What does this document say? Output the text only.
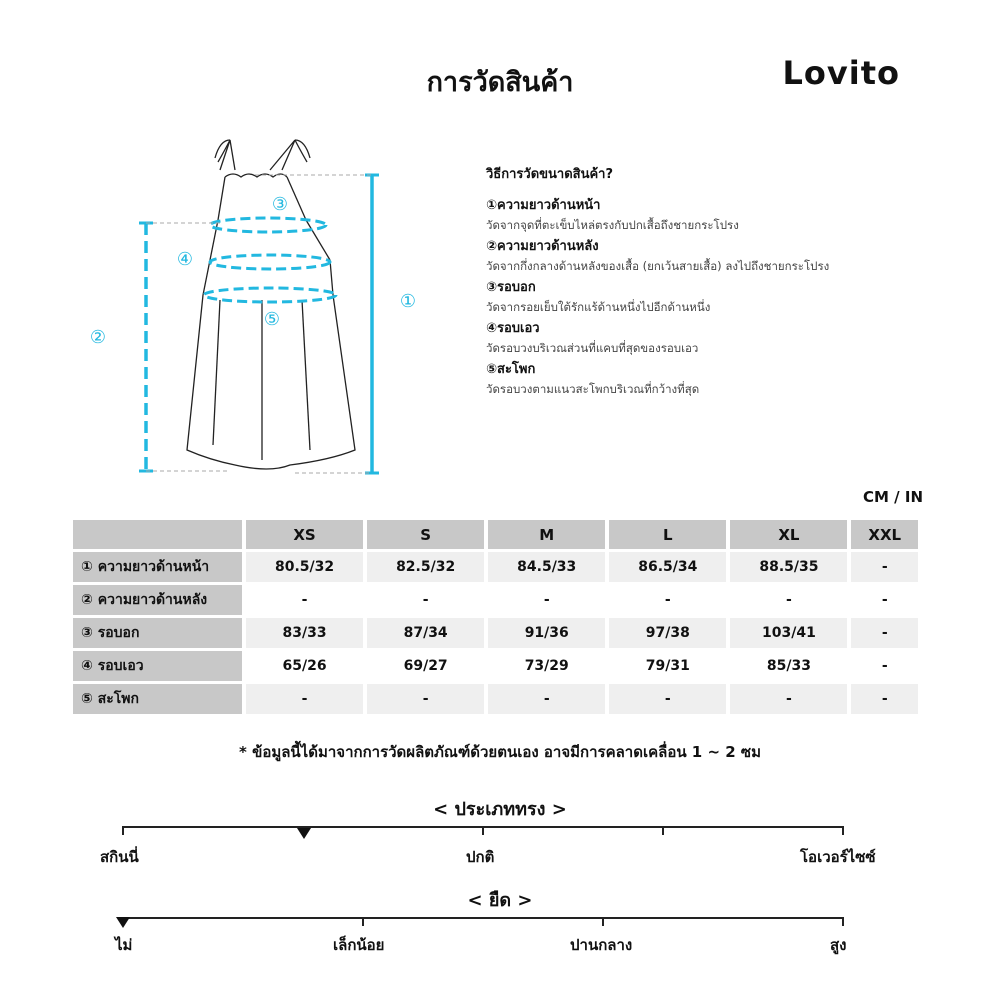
การวัดสินค้า	Lovito
①
②
③
④
⑤
วิธีการวัดขนาดสินค้า?
①ความยาวด้านหน้า
วัดจากจุดที่ตะเข็บไหล่ตรงกับปกเสื้อถึงชายกระโปรง
②ความยาวด้านหลัง
วัดจากกึ่งกลางด้านหลังของเสื้อ (ยกเว้นสายเสื้อ) ลงไปถึงชายกระโปรง
③รอบอก
วัดจากรอยเย็บใต้รักแร้ด้านหนึ่งไปอีกด้านหนึ่ง
④รอบเอว
วัดรอบวงบริเวณส่วนที่แคบที่สุดของรอบเอว
⑤สะโพก
วัดรอบวงตามแนวสะโพกบริเวณที่กว้างที่สุด
CM / IN
	XS	S	M	L	XL	XXL
① ความยาวด้านหน้า	80.5/32	82.5/32	84.5/33	86.5/34	88.5/35	-
② ความยาวด้านหลัง	-	-	-	-	-	-
③ รอบอก	83/33	87/34	91/36	97/38	103/41	-
④ รอบเอว	65/26	69/27	73/29	79/31	85/33	-
⑤ สะโพก	-	-	-	-	-	-
* ข้อมูลนี้ได้มาจากการวัดผลิตภัณฑ์ด้วยตนเอง อาจมีการคลาดเคลื่อน 1 ~ 2 ซม
< ประเภททรง >
สกินนี่	ปกติ	โอเวอร์ไซซ์
< ยืด >
ไม่	เล็กน้อย	ปานกลาง	สูง
